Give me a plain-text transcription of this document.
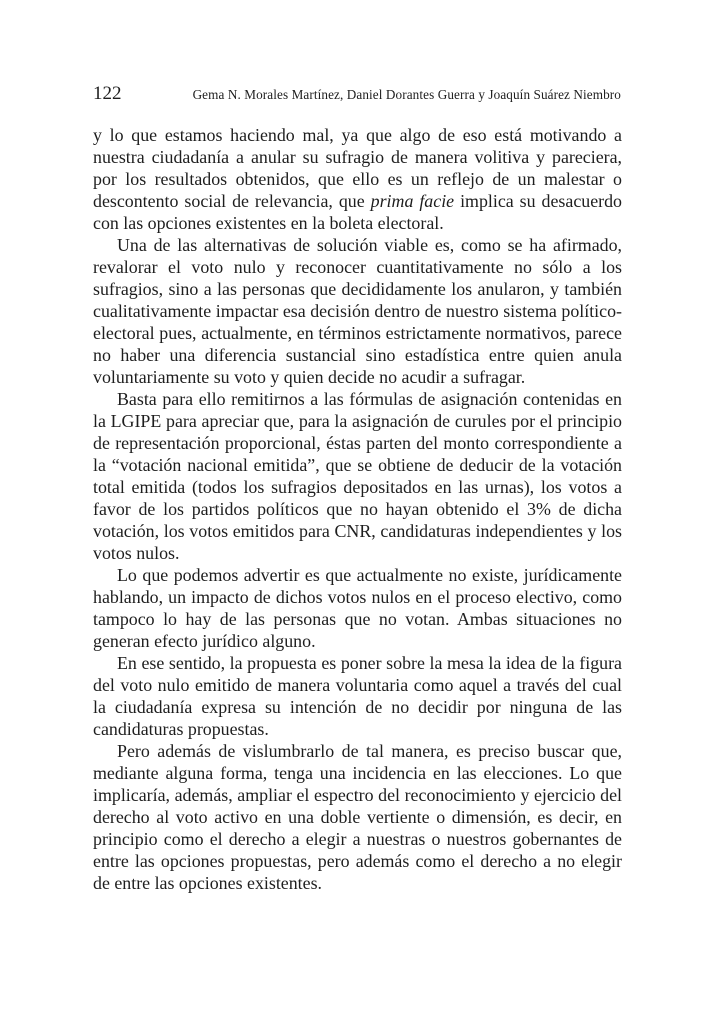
122	Gema N. Morales Martínez, Daniel Dorantes Guerra y Joaquín Suárez Niembro

y lo que estamos haciendo mal, ya que algo de eso está motivando a nuestra ciudadanía a anular su sufragio de manera volitiva y pareciera, por los resultados obtenidos, que ello es un reflejo de un malestar o descontento social de relevancia, que prima facie implica su desacuerdo con las opciones existentes en la boleta electoral.

Una de las alternativas de solución viable es, como se ha afirmado, revalorar el voto nulo y reconocer cuantitativamente no sólo a los sufragios, sino a las personas que decididamente los anularon, y también cualitativamente impactar esa decisión dentro de nuestro sistema político-electoral pues, actualmente, en términos estrictamente normativos, parece no haber una diferencia sustancial sino estadística entre quien anula voluntariamente su voto y quien decide no acudir a sufragar.

Basta para ello remitirnos a las fórmulas de asignación contenidas en la LGIPE para apreciar que, para la asignación de curules por el principio de representación proporcional, éstas parten del monto correspondiente a la “votación nacional emitida”, que se obtiene de deducir de la votación total emitida (todos los sufragios depositados en las urnas), los votos a favor de los partidos políticos que no hayan obtenido el 3% de dicha votación, los votos emitidos para CNR, candidaturas independientes y los votos nulos.

Lo que podemos advertir es que actualmente no existe, jurídicamente hablando, un impacto de dichos votos nulos en el proceso electivo, como tampoco lo hay de las personas que no votan. Ambas situaciones no generan efecto jurídico alguno.

En ese sentido, la propuesta es poner sobre la mesa la idea de la figura del voto nulo emitido de manera voluntaria como aquel a través del cual la ciudadanía expresa su intención de no decidir por ninguna de las candidaturas propuestas.

Pero además de vislumbrarlo de tal manera, es preciso buscar que, mediante alguna forma, tenga una incidencia en las elecciones. Lo que implicaría, además, ampliar el espectro del reconocimiento y ejercicio del derecho al voto activo en una doble vertiente o dimensión, es decir, en principio como el derecho a elegir a nuestras o nuestros gobernantes de entre las opciones propuestas, pero además como el derecho a no elegir de entre las opciones existentes.
